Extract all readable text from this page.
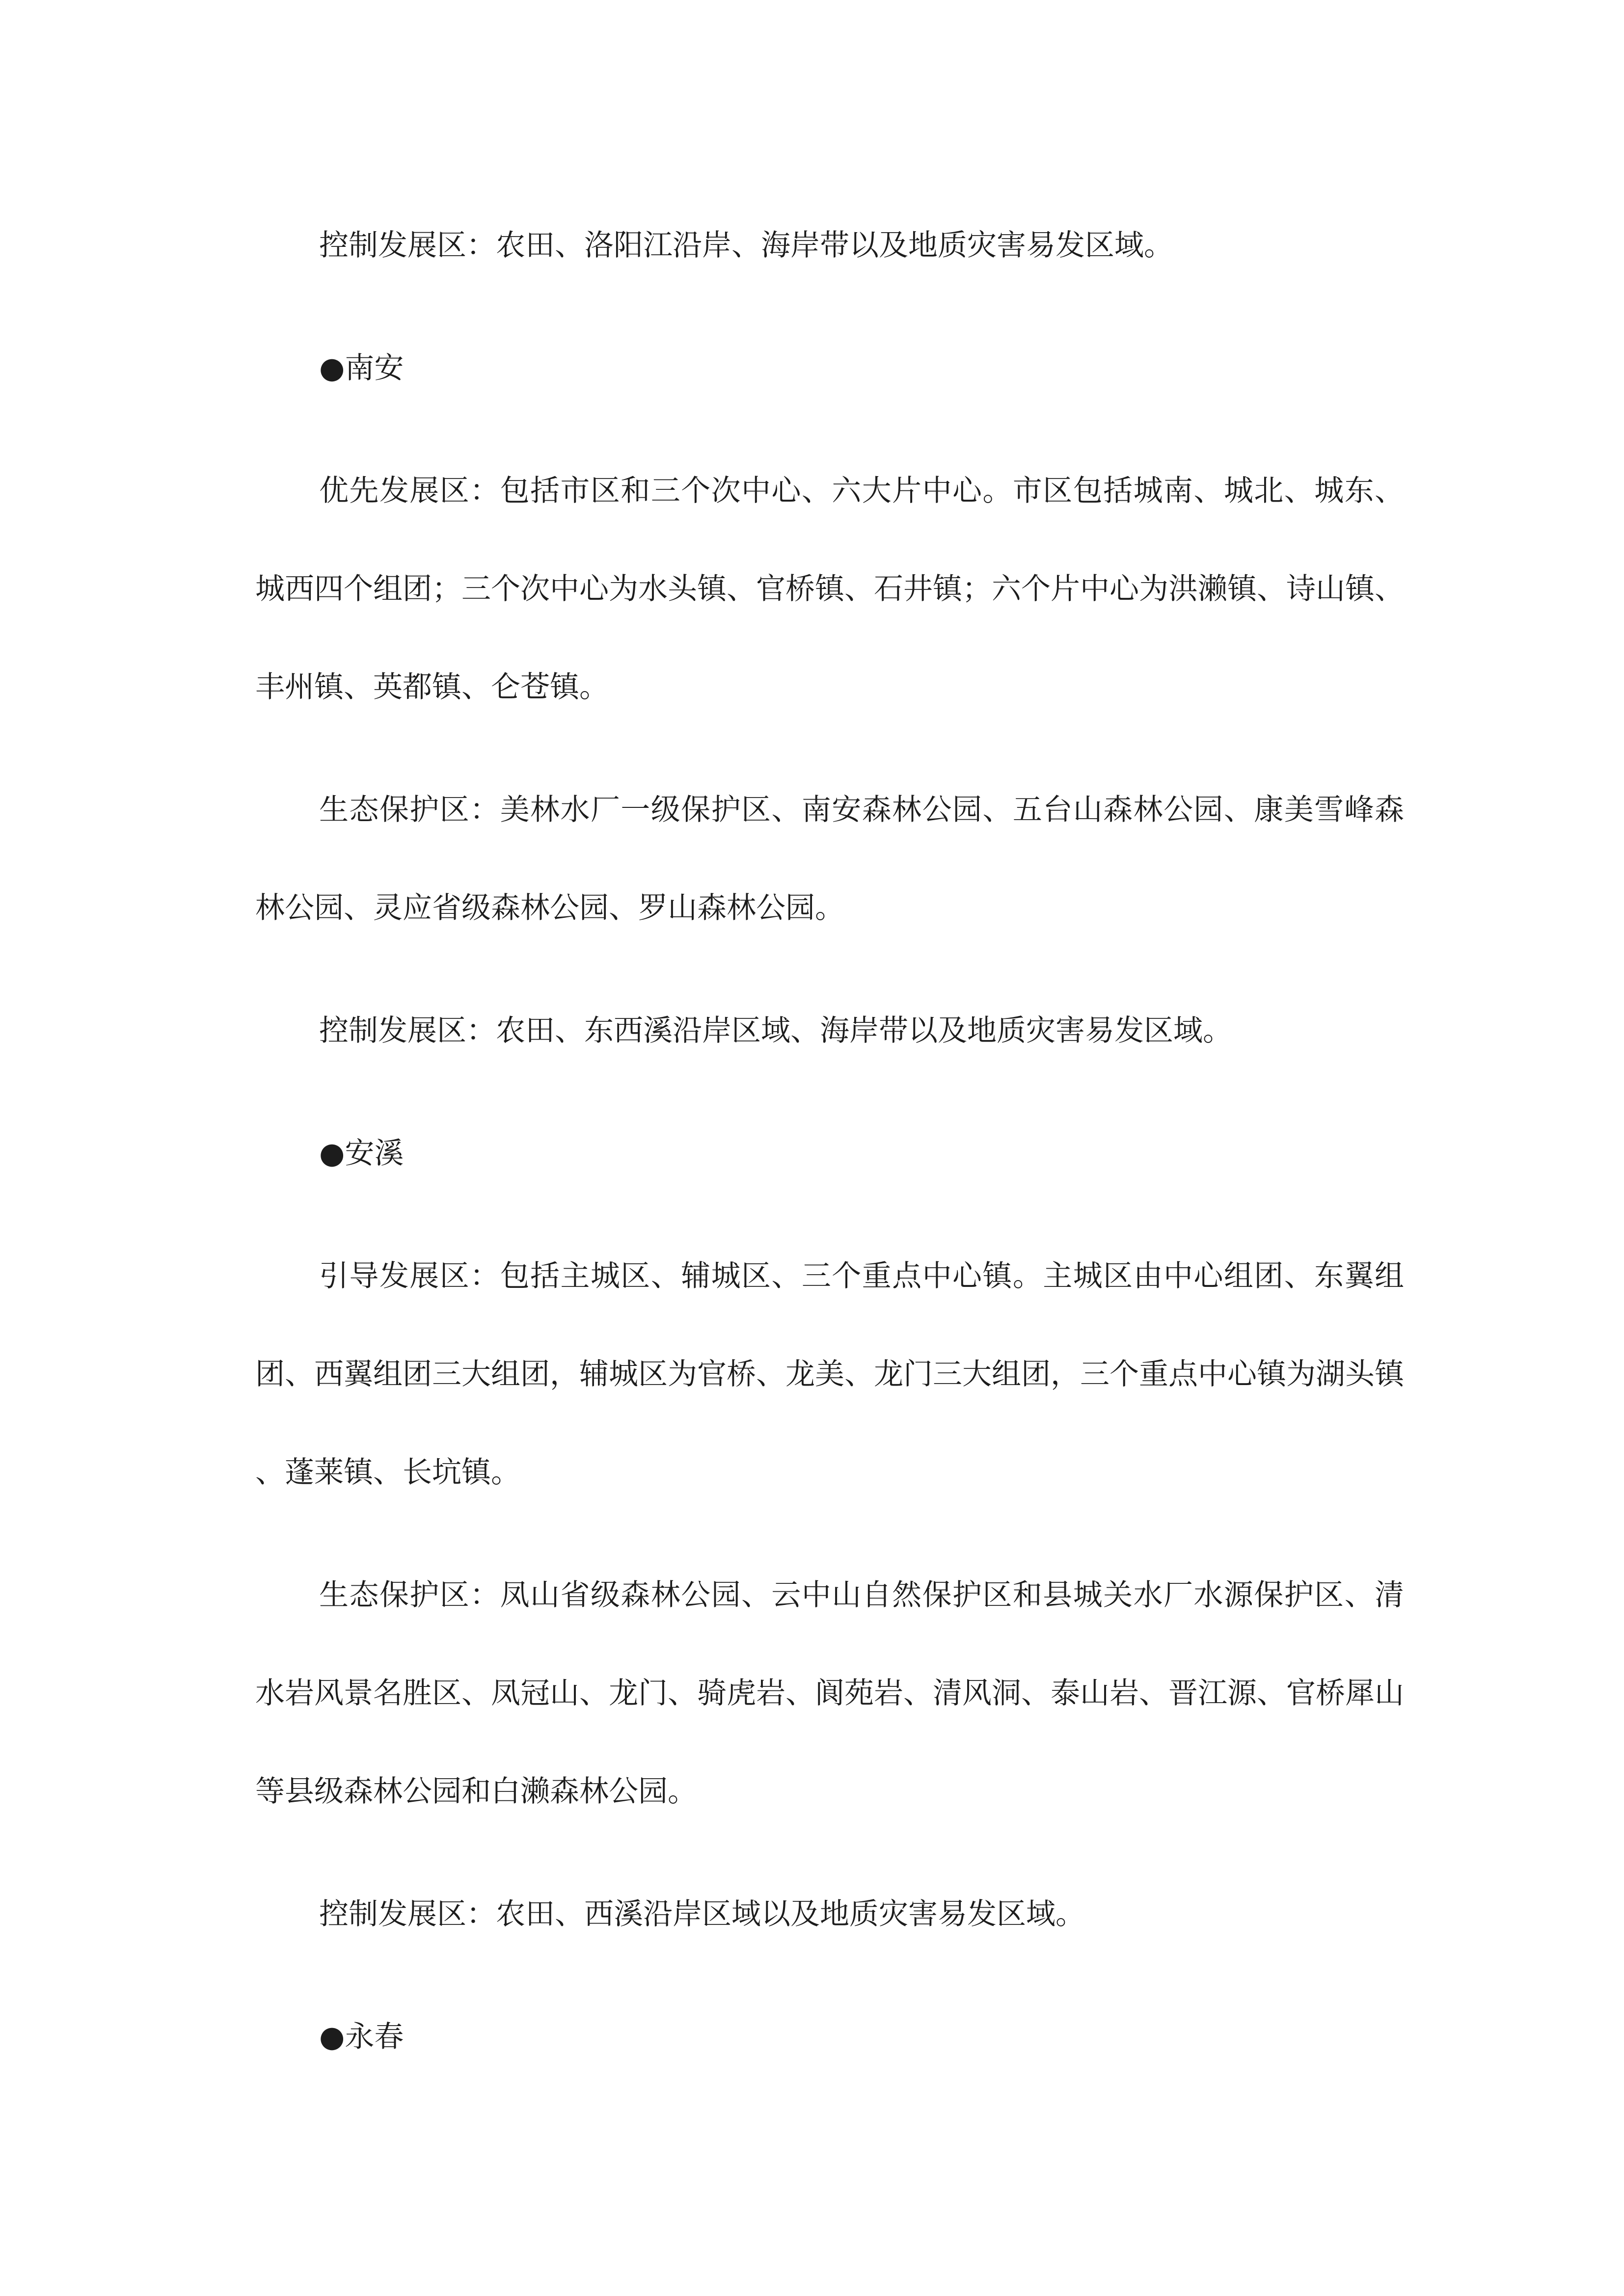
控制发展区：农田、洛阳江沿岸、海岸带以及地质灾害易发区域。

●南安

优先发展区：包括市区和三个次中心、六大片中心。市区包括城南、城北、城东、城西四个组团；三个次中心为水头镇、官桥镇、石井镇；六个片中心为洪濑镇、诗山镇、丰州镇、英都镇、仑苍镇。

生态保护区：美林水厂一级保护区、南安森林公园、五台山森林公园、康美雪峰森林公园、灵应省级森林公园、罗山森林公园。

控制发展区：农田、东西溪沿岸区域、海岸带以及地质灾害易发区域。

●安溪

引导发展区：包括主城区、辅城区、三个重点中心镇。主城区由中心组团、东翼组团、西翼组团三大组团，辅城区为官桥、龙美、龙门三大组团，三个重点中心镇为湖头镇、蓬莱镇、长坑镇。

生态保护区：凤山省级森林公园、云中山自然保护区和县城关水厂水源保护区、清水岩风景名胜区、凤冠山、龙门、骑虎岩、阆苑岩、清风洞、泰山岩、晋江源、官桥犀山等县级森林公园和白濑森林公园。

控制发展区：农田、西溪沿岸区域以及地质灾害易发区域。

●永春
